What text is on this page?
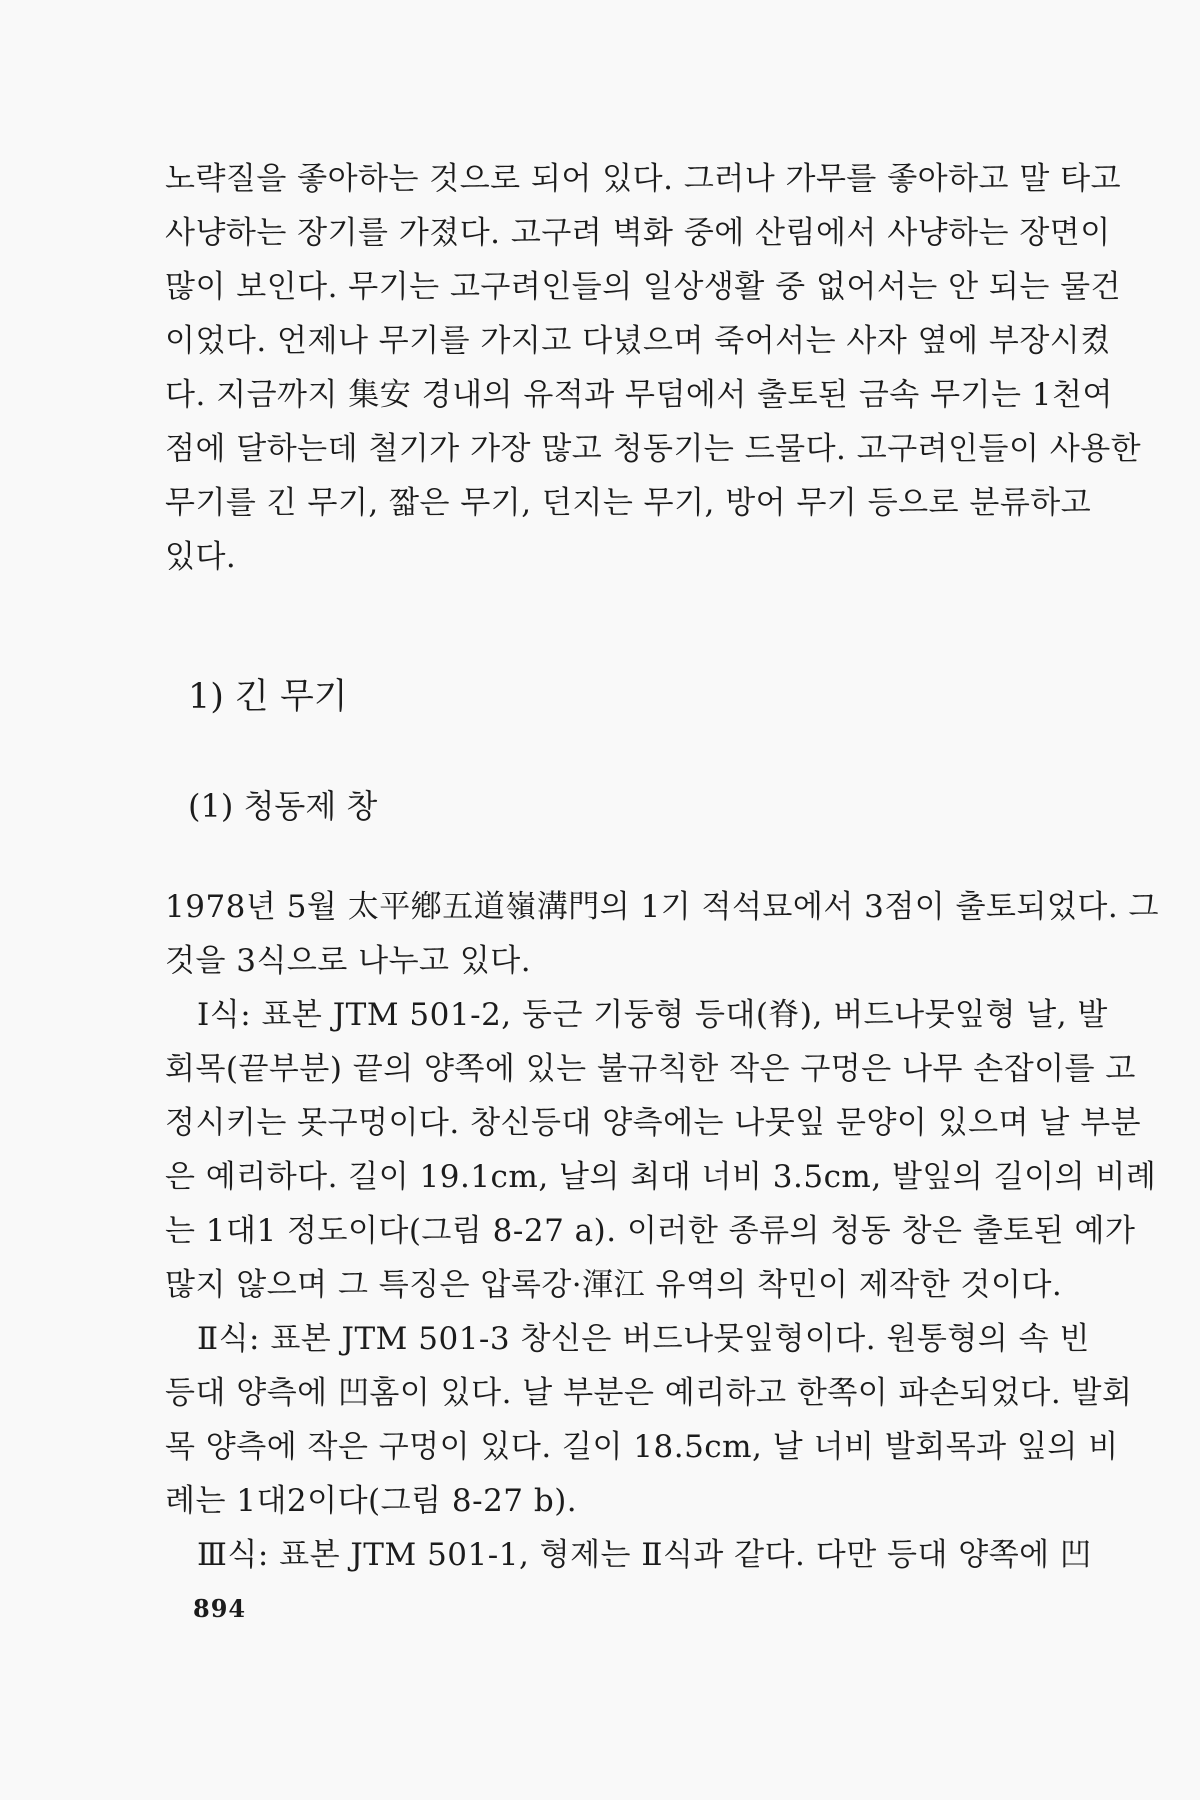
노략질을 좋아하는 것으로 되어 있다. 그러나 가무를 좋아하고 말 타고
사냥하는 장기를 가졌다. 고구려 벽화 중에 산림에서 사냥하는 장면이
많이 보인다. 무기는 고구려인들의 일상생활 중 없어서는 안 되는 물건
이었다. 언제나 무기를 가지고 다녔으며 죽어서는 사자 옆에 부장시켰
다. 지금까지 集安 경내의 유적과 무덤에서 출토된 금속 무기는 1천여
점에 달하는데 철기가 가장 많고 청동기는 드물다. 고구려인들이 사용한
무기를 긴 무기, 짧은 무기, 던지는 무기, 방어 무기 등으로 분류하고
있다.
1) 긴 무기
(1) 청동제 창
1978년 5월 太平鄕五道嶺溝門의 1기 적석묘에서 3점이 출토되었다. 그
것을 3식으로 나누고 있다.
Ⅰ식: 표본 JTM 501-2, 둥근 기둥형 등대(脊), 버드나뭇잎형 날, 발
회목(끝부분) 끝의 양쪽에 있는 불규칙한 작은 구멍은 나무 손잡이를 고
정시키는 못구멍이다. 창신등대 양측에는 나뭇잎 문양이 있으며 날 부분
은 예리하다. 길이 19.1cm, 날의 최대 너비 3.5cm, 발잎의 길이의 비례
는 1대1 정도이다(그림 8-27 a). 이러한 종류의 청동 창은 출토된 예가
많지 않으며 그 특징은 압록강·渾江 유역의 착민이 제작한 것이다.
Ⅱ식: 표본 JTM 501-3 창신은 버드나뭇잎형이다. 원통형의 속 빈
등대 양측에 凹홈이 있다. 날 부분은 예리하고 한쪽이 파손되었다. 발회
목 양측에 작은 구멍이 있다. 길이 18.5cm, 날 너비 발회목과 잎의 비
례는 1대2이다(그림 8-27 b).
Ⅲ식: 표본 JTM 501-1, 형제는 Ⅱ식과 같다. 다만 등대 양쪽에 凹
894
